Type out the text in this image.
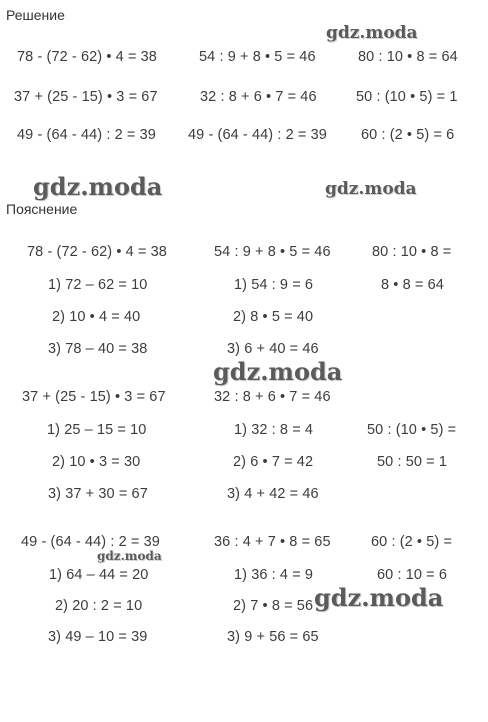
Решение
Пояснение
gdz.moda
gdz.moda	gdz.moda
gdz.moda
gdz.moda
gdz.moda
78 - (72 - 62) • 4 = 38	54 : 9 + 8 • 5 = 46	80 : 10 • 8 = 64
37 + (25 - 15) • 3 = 67	32 : 8 + 6 • 7 = 46	50 : (10 • 5) = 1
49 - (64 - 44) : 2 = 39 49 - (64 - 44) : 2 = 39 60 : (2 • 5) = 6
78 - (72 - 62) • 4 = 38
1) 72 – 62 = 10
2) 10 • 4 = 40
3) 78 – 40 = 38
54 : 9 + 8 • 5 = 46
1) 54 : 9 = 6
2) 8 • 5 = 40
3) 6 + 40 = 46
80 : 10 • 8 =
8 • 8 = 64
37 + (25 - 15) • 3 = 67
1) 25 – 15 = 10
2) 10 • 3 = 30
3) 37 + 30 = 67
32 : 8 + 6 • 7 = 46
1) 32 : 8 = 4
2) 6 • 7 = 42
3) 4 + 42 = 46
50 : (10 • 5) =
50 : 50 = 1
49 - (64 - 44) : 2 = 39
1) 64 – 44 = 20
2) 20 : 2 = 10
3) 49 – 10 = 39
36 : 4 + 7 • 8 = 65
1) 36 : 4 = 9
2) 7 • 8 = 56
3) 9 + 56 = 65
60 : (2 • 5) =
60 : 10 = 6
